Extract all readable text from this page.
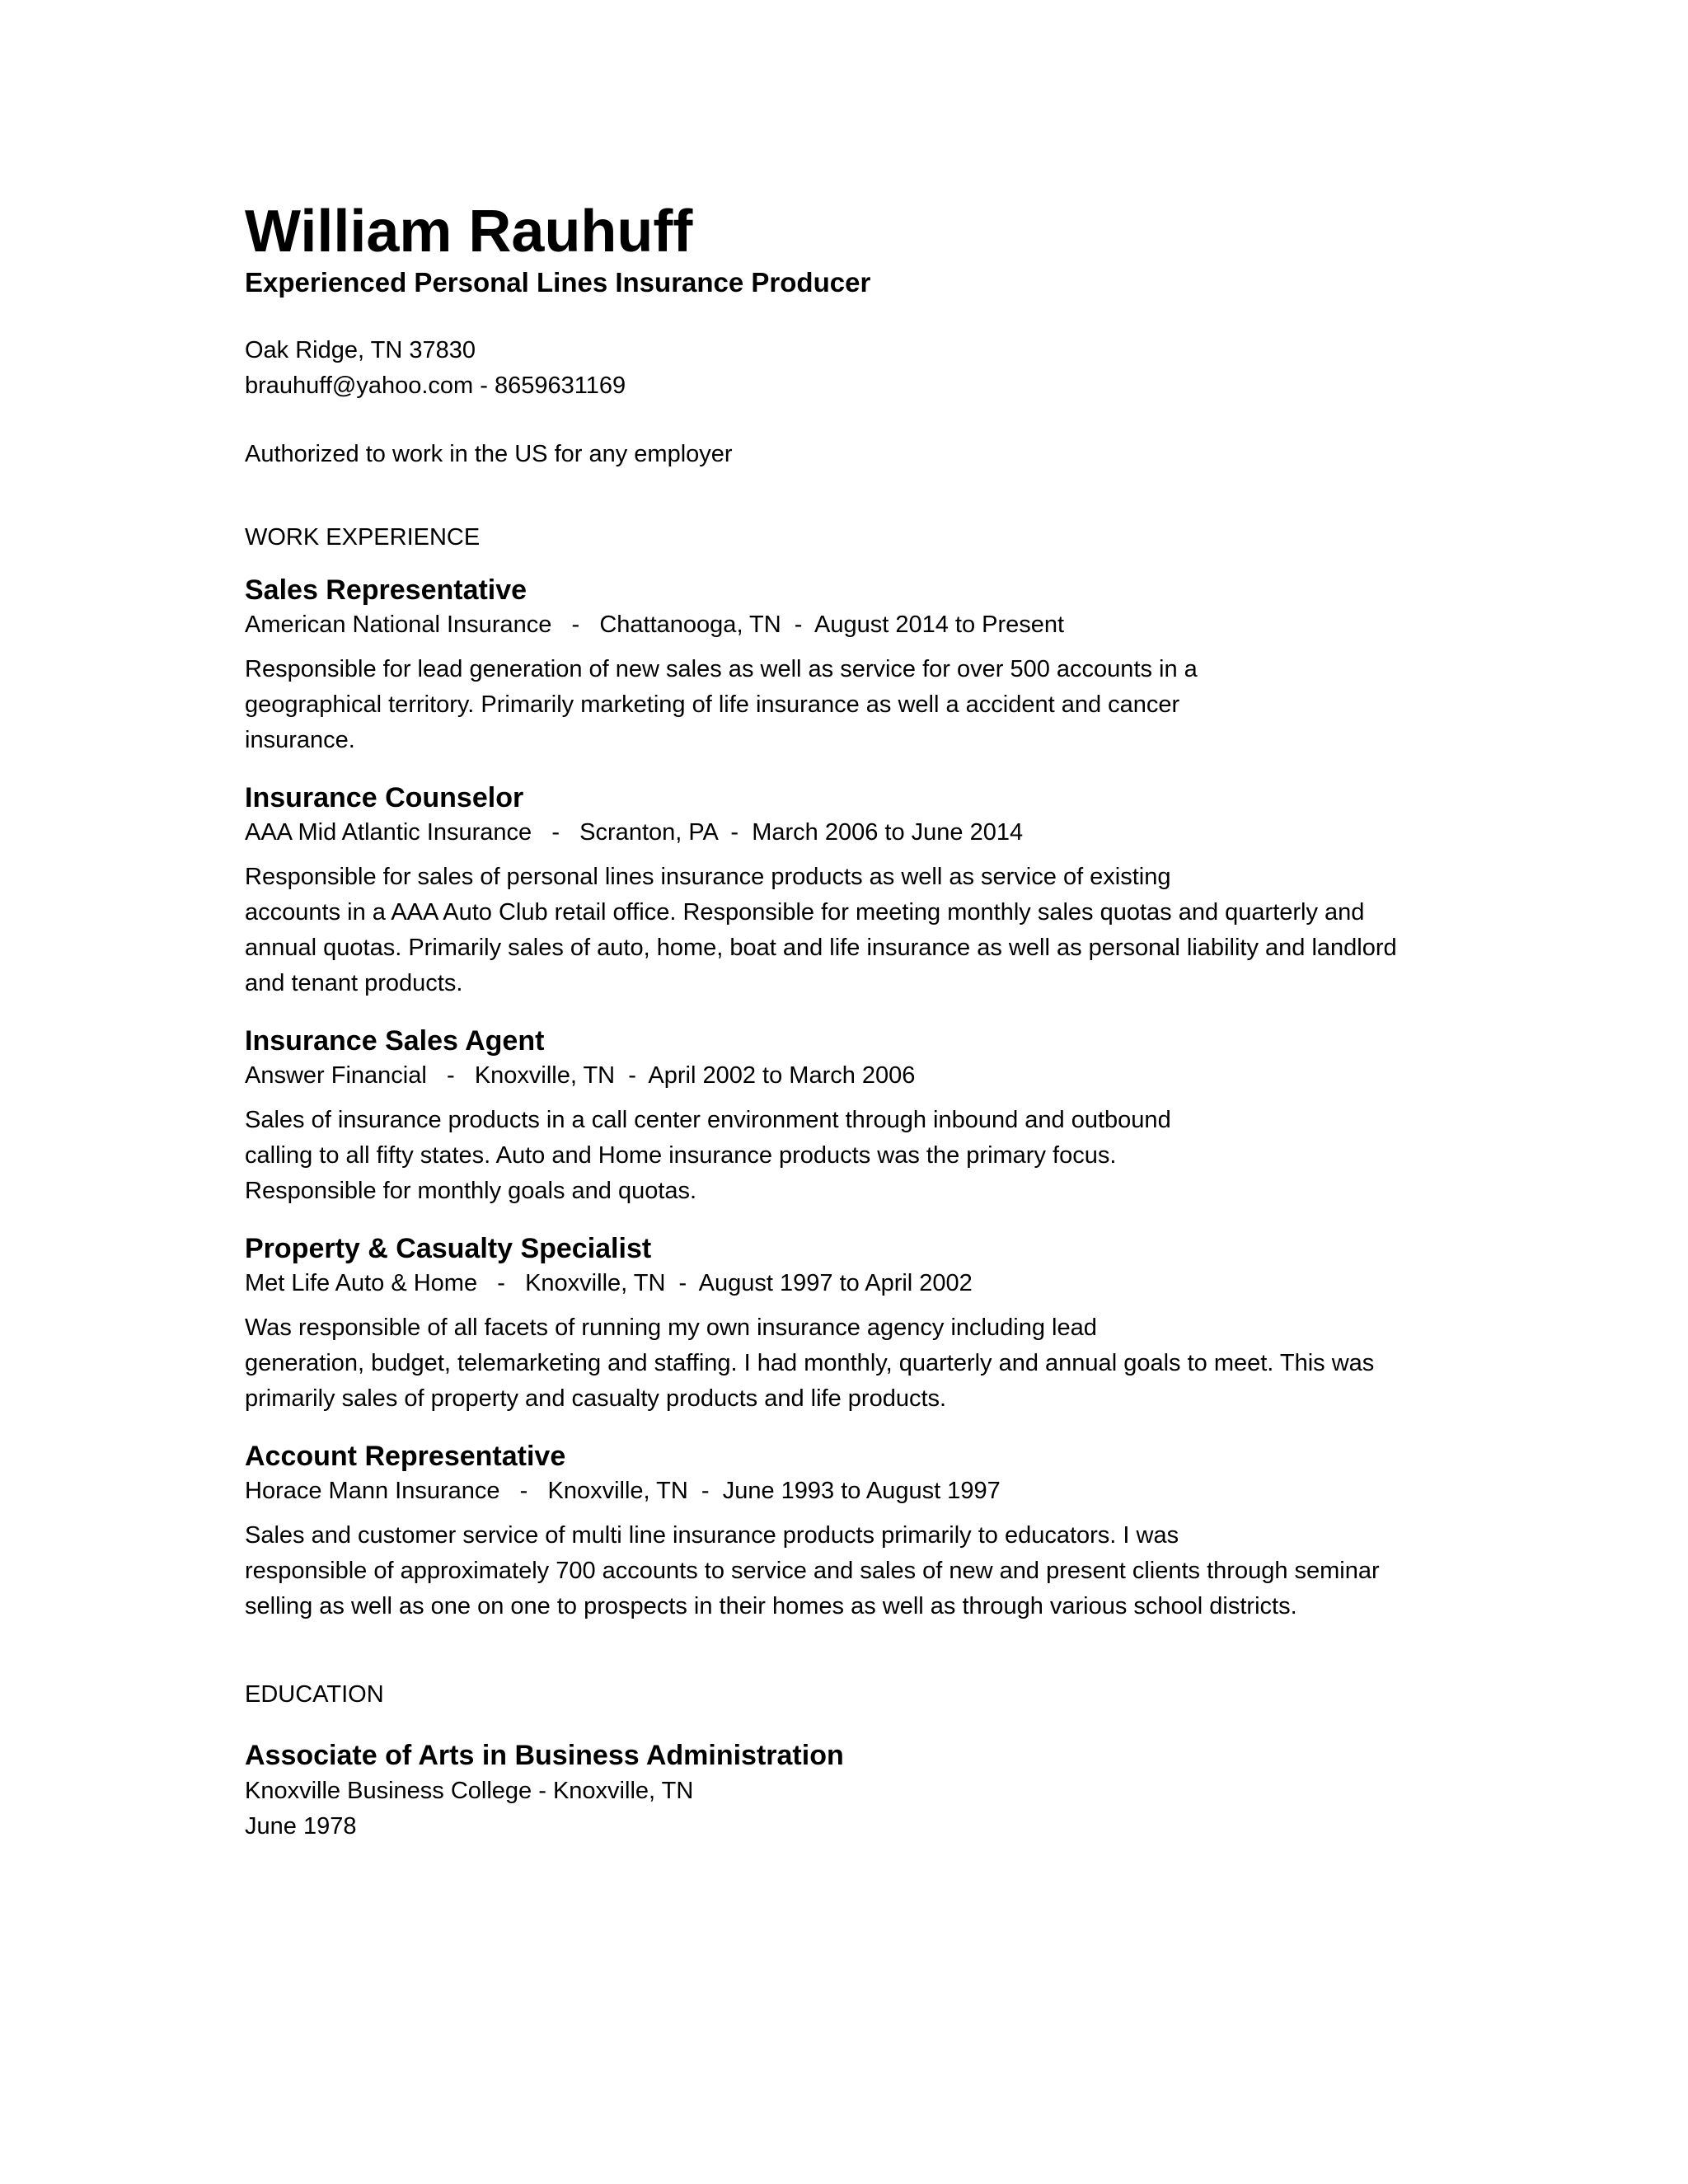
William Rauhuff
Experienced Personal Lines Insurance Producer
Oak Ridge, TN 37830
brauhuff@yahoo.com - 8659631169
Authorized to work in the US for any employer
WORK EXPERIENCE
Sales Representative
American National Insurance   -   Chattanooga, TN  -  August 2014 to Present
Responsible for lead generation of new sales as well as service for over 500 accounts in a
geographical territory. Primarily marketing of life insurance as well a accident and cancer
insurance.
Insurance Counselor
AAA Mid Atlantic Insurance   -   Scranton, PA  -  March 2006 to June 2014
Responsible for sales of personal lines insurance products as well as service of existing
accounts in a AAA Auto Club retail office. Responsible for meeting monthly sales quotas and quarterly and
annual quotas. Primarily sales of auto, home, boat and life insurance as well as personal liability and landlord
and tenant products.
Insurance Sales Agent
Answer Financial   -   Knoxville, TN  -  April 2002 to March 2006
Sales of insurance products in a call center environment through inbound and outbound
calling to all fifty states. Auto and Home insurance products was the primary focus.
Responsible for monthly goals and quotas.
Property & Casualty Specialist
Met Life Auto & Home   -   Knoxville, TN  -  August 1997 to April 2002
Was responsible of all facets of running my own insurance agency including lead
generation, budget, telemarketing and staffing. I had monthly, quarterly and annual goals to meet. This was
primarily sales of property and casualty products and life products.
Account Representative
Horace Mann Insurance   -   Knoxville, TN  -  June 1993 to August 1997
Sales and customer service of multi line insurance products primarily to educators. I was
responsible of approximately 700 accounts to service and sales of new and present clients through seminar
selling as well as one on one to prospects in their homes as well as through various school districts.
EDUCATION
Associate of Arts in Business Administration
Knoxville Business College - Knoxville, TN
June 1978
